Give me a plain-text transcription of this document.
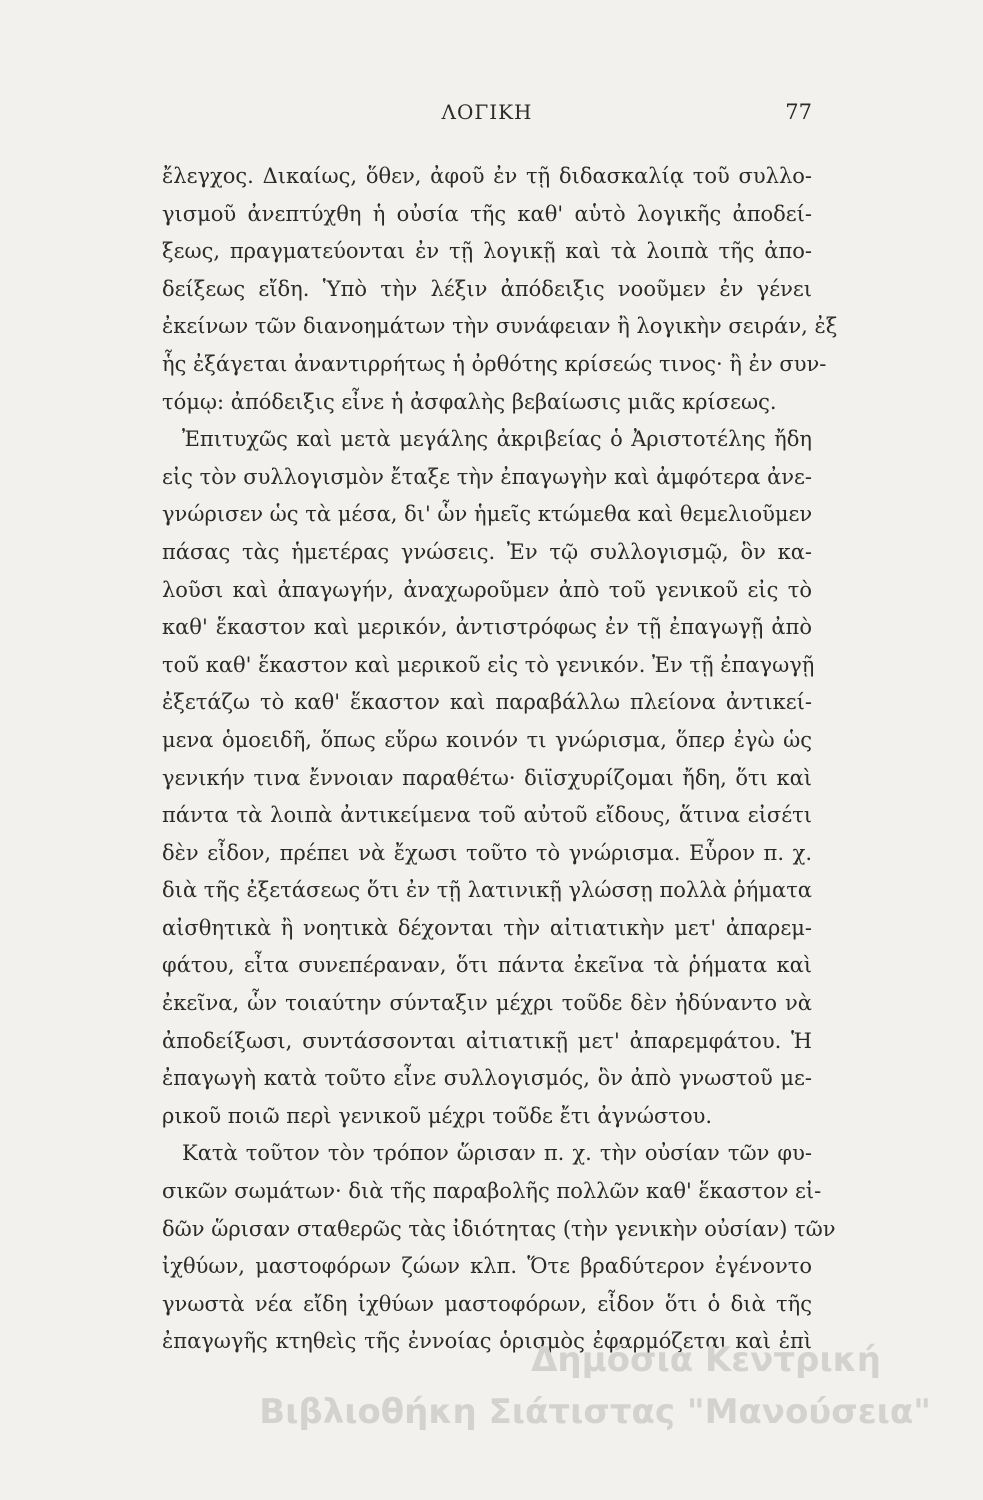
ΛΟΓΙΚΗ	77
ἔλεγχος. Δικαίως, ὅθεν, ἀφοῦ ἐν τῇ διδασκαλίᾳ τοῦ συλλο-
γισμοῦ ἀνεπτύχθη ἡ οὐσία τῆς καθ' αὑτὸ λογικῆς ἀποδεί-
ξεως, πραγματεύονται ἐν τῇ λογικῇ καὶ τὰ λοιπὰ τῆς ἀπο-
δείξεως εἴδη. Ὑπὸ τὴν λέξιν ἀπόδειξις νοοῦμεν ἐν γένει
ἐκείνων τῶν διανοημάτων τὴν συνάφειαν ἢ λογικὴν σειράν, ἐξ
ἧς ἐξάγεται ἀναντιρρήτως ἡ ὀρθότης κρίσεώς τινος· ἢ ἐν συν-
τόμῳ: ἀπόδειξις εἶνε ἡ ἀσφαλὴς βεβαίωσις μιᾶς κρίσεως.
Ἐπιτυχῶς καὶ μετὰ μεγάλης ἀκριβείας ὁ Ἀριστοτέλης ἤδη
εἰς τὸν συλλογισμὸν ἔταξε τὴν ἐπαγωγὴν καὶ ἀμφότερα ἀνε-
γνώρισεν ὡς τὰ μέσα, δι' ὧν ἡμεῖς κτώμεθα καὶ θεμελιοῦμεν
πάσας τὰς ἡμετέρας γνώσεις. Ἐν τῷ συλλογισμῷ, ὃν κα-
λοῦσι καὶ ἀπαγωγήν, ἀναχωροῦμεν ἀπὸ τοῦ γενικοῦ εἰς τὸ
καθ' ἕκαστον καὶ μερικόν, ἀντιστρόφως ἐν τῇ ἐπαγωγῇ ἀπὸ
τοῦ καθ' ἕκαστον καὶ μερικοῦ εἰς τὸ γενικόν. Ἐν τῇ ἐπαγωγῇ
ἐξετάζω τὸ καθ' ἕκαστον καὶ παραβάλλω πλείονα ἀντικεί-
μενα ὁμοειδῆ, ὅπως εὕρω κοινόν τι γνώρισμα, ὅπερ ἐγὼ ὡς
γενικήν τινα ἔννοιαν παραθέτω· διϊσχυρίζομαι ἤδη, ὅτι καὶ
πάντα τὰ λοιπὰ ἀντικείμενα τοῦ αὐτοῦ εἴδους, ἅτινα εἰσέτι
δὲν εἶδον, πρέπει νὰ ἔχωσι τοῦτο τὸ γνώρισμα. Εὗρον π. χ.
διὰ τῆς ἐξετάσεως ὅτι ἐν τῇ λατινικῇ γλώσσῃ πολλὰ ῥήματα
αἰσθητικὰ ἢ νοητικὰ δέχονται τὴν αἰτιατικὴν μετ' ἀπαρεμ-
φάτου, εἶτα συνεπέραναν, ὅτι πάντα ἐκεῖνα τὰ ῥήματα καὶ
ἐκεῖνα, ὧν τοιαύτην σύνταξιν μέχρι τοῦδε δὲν ἠδύναντο νὰ
ἀποδείξωσι, συντάσσονται αἰτιατικῇ μετ' ἀπαρεμφάτου. Ἡ
ἐπαγωγὴ κατὰ τοῦτο εἶνε συλλογισμός, ὃν ἀπὸ γνωστοῦ με-
ρικοῦ ποιῶ περὶ γενικοῦ μέχρι τοῦδε ἔτι ἀγνώστου.
Κατὰ τοῦτον τὸν τρόπον ὥρισαν π. χ. τὴν οὐσίαν τῶν φυ-
σικῶν σωμάτων· διὰ τῆς παραβολῆς πολλῶν καθ' ἕκαστον εἰ-
δῶν ὥρισαν σταθερῶς τὰς ἰδιότητας (τὴν γενικὴν οὐσίαν) τῶν
ἰχθύων, μαστοφόρων ζώων κλπ. Ὅτε βραδύτερον ἐγένοντο
γνωστὰ νέα εἴδη ἰχθύων μαστοφόρων, εἶδον ὅτι ὁ διὰ τῆς
ἐπαγωγῆς κτηθεὶς τῆς ἐννοίας ὁρισμὸς ἐφαρμόζεται καὶ ἐπὶ
Δημόσια Κεντρική
Βιβλιοθήκη Σιάτιστας "Μανούσεια"
